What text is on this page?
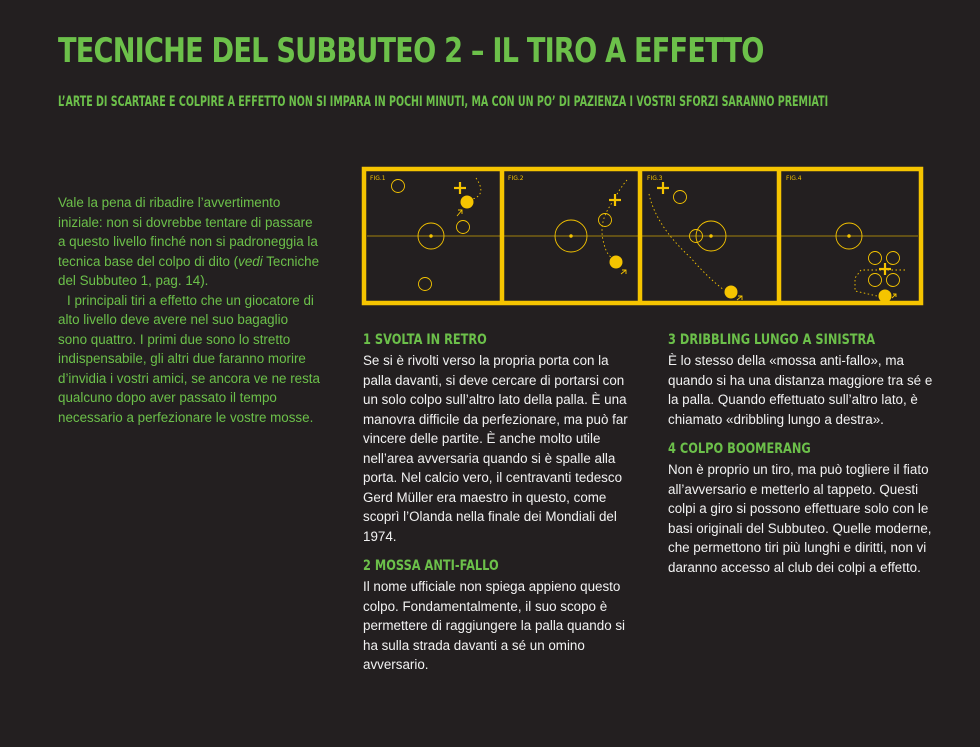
TECNICHE DEL SUBBUTEO 2 – IL TIRO A EFFETTO
L’ARTE DI SCARTARE E COLPIRE A EFFETTO NON SI IMPARA IN POCHI MINUTI, MA CON UN PO’ DI PAZIENZA I VOSTRI SFORZI SARANNO PREMIATI

Vale la pena di ribadire l’avvertimento iniziale: non si dovrebbe tentare di passare a questo livello finché non si padroneggia la tecnica base del colpo di dito (vedi Tecniche del Subbuteo 1, pag. 14).

I principali tiri a effetto che un giocatore di alto livello deve avere nel suo bagaglio sono quattro. I primi due sono lo stretto indispensabile, gli altri due faranno morire d’invidia i vostri amici, se ancora ve ne resta qualcuno dopo aver passato il tempo necessario a perfezionare le vostre mosse.

FIG.1	FIG.2	FIG.3	FIG.4
1 SVOLTA IN RETRO

Se si è rivolti verso la propria porta con la palla davanti, si deve cercare di portarsi con un solo colpo sull’altro lato della palla. È una manovra difficile da perfezionare, ma può far vincere delle partite. È anche molto utile nell’area avversaria quando si è spalle alla porta. Nel calcio vero, il centravanti tedesco Gerd Müller era maestro in questo, come scoprì l’Olanda nella finale dei Mondiali del 1974.

2 MOSSA ANTI-FALLO

Il nome ufficiale non spiega appieno questo colpo. Fondamentalmente, il suo scopo è permettere di raggiungere la palla quando si ha sulla strada davanti a sé un omino avversario.

3 DRIBBLING LUNGO A SINISTRA

È lo stesso della «mossa anti-fallo», ma quando si ha una distanza maggiore tra sé e la palla. Quando effettuato sull’altro lato, è chiamato «dribbling lungo a destra».

4 COLPO BOOMERANG

Non è proprio un tiro, ma può togliere il fiato all’avversario e metterlo al tappeto. Questi colpi a giro si possono effettuare solo con le basi originali del Subbuteo. Quelle moderne, che permettono tiri più lunghi e diritti, non vi daranno accesso al club dei colpi a effetto.
